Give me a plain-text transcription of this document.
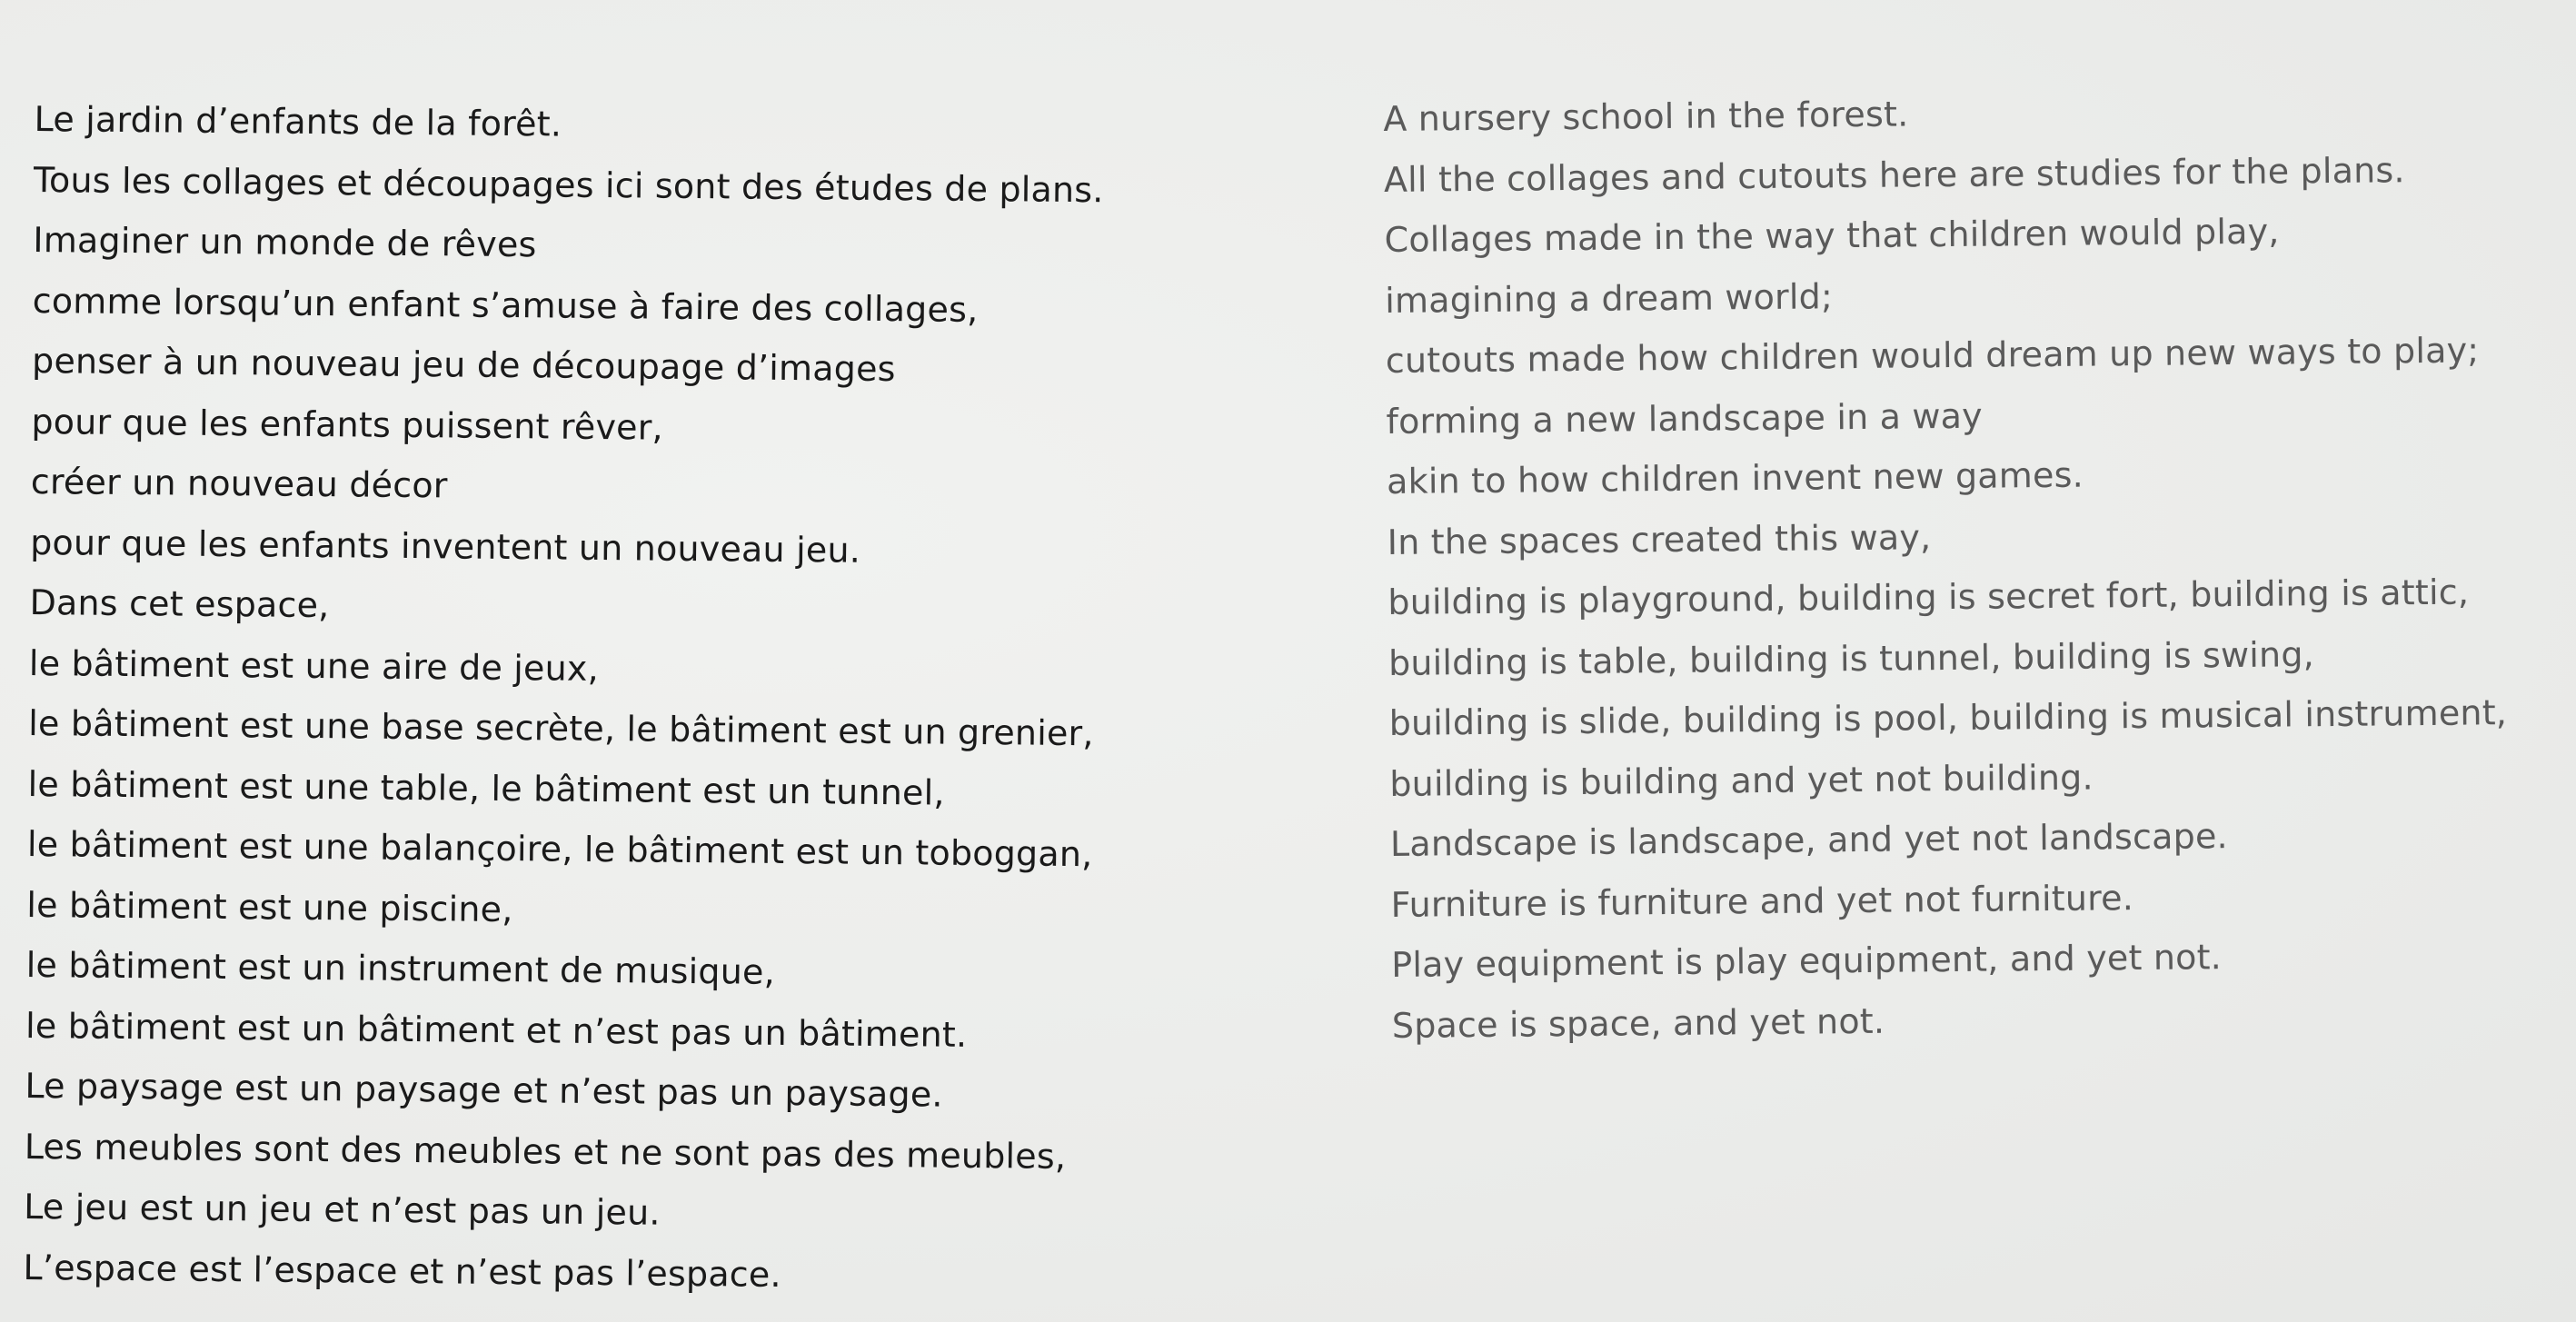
Le jardin d’enfants de la forêt.
Tous les collages et découpages ici sont des études de plans.
Imaginer un monde de rêves
comme lorsqu’un enfant s’amuse à faire des collages,
penser à un nouveau jeu de découpage d’images
pour que les enfants puissent rêver,
créer un nouveau décor
pour que les enfants inventent un nouveau jeu.
Dans cet espace,
le bâtiment est une aire de jeux,
le bâtiment est une base secrète, le bâtiment est un grenier,
le bâtiment est une table, le bâtiment est un tunnel,
le bâtiment est une balançoire, le bâtiment est un toboggan,
le bâtiment est une piscine,
le bâtiment est un instrument de musique,
le bâtiment est un bâtiment et n’est pas un bâtiment.
Le paysage est un paysage et n’est pas un paysage.
Les meubles sont des meubles et ne sont pas des meubles,
Le jeu est un jeu et n’est pas un jeu.
L’espace est l’espace et n’est pas l’espace.
A nursery school in the forest.
All the collages and cutouts here are studies for the plans.
Collages made in the way that children would play,
imagining a dream world;
cutouts made how children would dream up new ways to play;
forming a new landscape in a way
akin to how children invent new games.
In the spaces created this way,
building is playground, building is secret fort, building is attic,
building is table, building is tunnel, building is swing,
building is slide, building is pool, building is musical instrument,
building is building and yet not building.
Landscape is landscape, and yet not landscape.
Furniture is furniture and yet not furniture.
Play equipment is play equipment, and yet not.
Space is space, and yet not.
